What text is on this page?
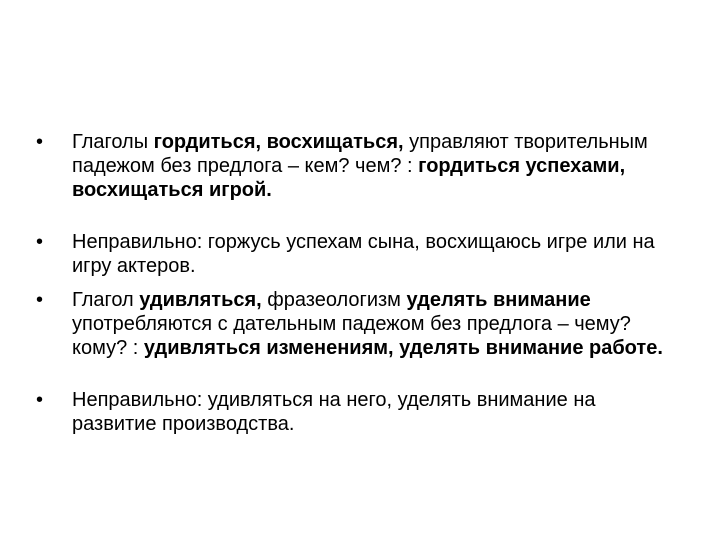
•	Глаголы гордиться, восхищаться, управляют творительным падежом без предлога – кем? чем? : гордиться успехами, восхищаться игрой.
•	Неправильно: горжусь успехам сына, восхищаюсь игре или на игру актеров.
•	Глагол удивляться, фразеологизм уделять внимание употребляются с дательным падежом без предлога – чему? кому? : удивляться изменениям, уделять внимание работе.
•	Неправильно: удивляться на него, уделять внимание на развитие производства.
